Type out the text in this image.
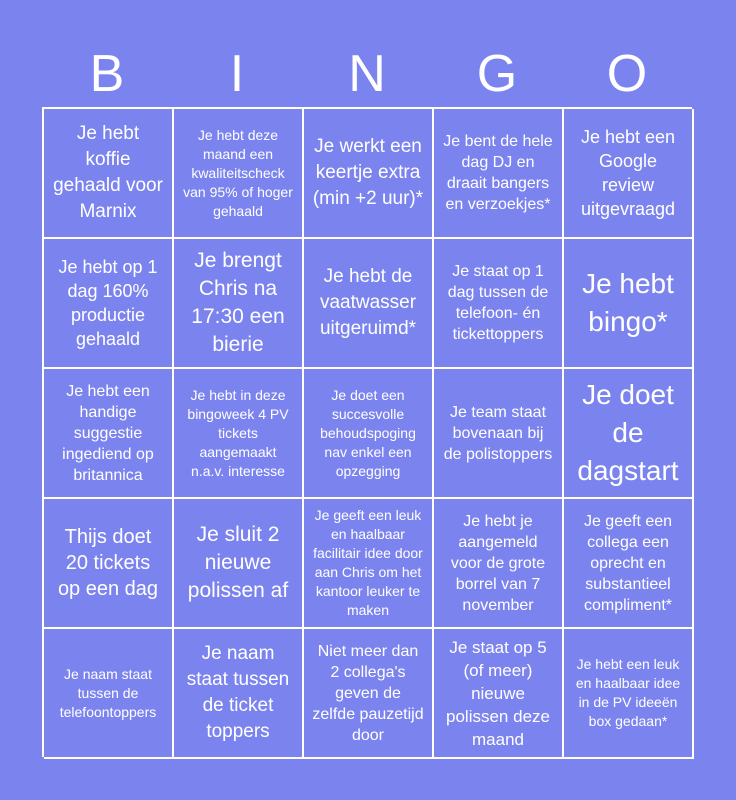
B	I	N	G	O
Je hebt koffie gehaald voor Marnix
Je hebt deze maand een kwaliteitscheck van 95% of hoger gehaald
Je werkt een keertje extra (min +2 uur)*
Je bent de hele dag DJ en draait bangers en verzoekjes*
Je hebt een Google review uitgevraagd
Je hebt op 1 dag 160% productie gehaald
Je brengt Chris na 17:30 een bierie
Je hebt de vaatwasser uitgeruimd*
Je staat op 1 dag tussen de telefoon- én tickettoppers
Je hebt bingo*
Je hebt een handige suggestie ingediend op britannica
Je hebt in deze bingoweek 4 PV tickets aangemaakt n.a.v. interesse
Je doet een succesvolle behoudspoging nav enkel een opzegging
Je team staat bovenaan bij de polistoppers
Je doet de dagstart
Thijs doet 20 tickets op een dag
Je sluit 2 nieuwe polissen af
Je geeft een leuk en haalbaar facilitair idee door aan Chris om het kantoor leuker te maken
Je hebt je aangemeld voor de grote borrel van 7 november
Je geeft een collega een oprecht en substantieel compliment*
Je naam staat tussen de telefoontoppers
Je naam staat tussen de ticket toppers
Niet meer dan 2 collega's geven de zelfde pauzetijd door
Je staat op 5 (of meer) nieuwe polissen deze maand
Je hebt een leuk en haalbaar idee in de PV ideeën box gedaan*
